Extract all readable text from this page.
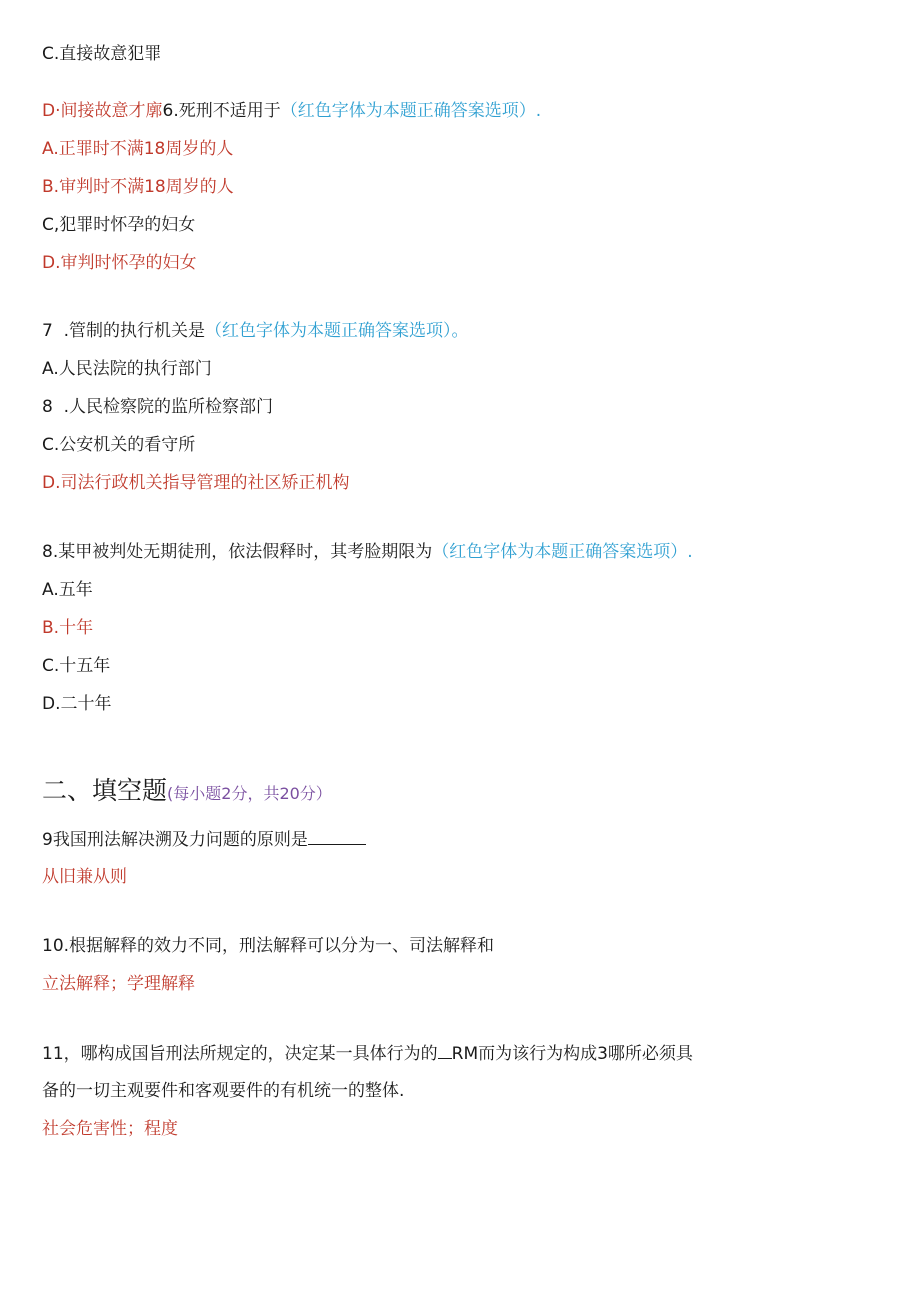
C.直接故意犯罪
D·间接故意才廓6.死刑不适用于（红色字体为本题正确答案选项）.
A.正罪时不满18周岁的人
B.审判时不满18周岁的人
C,犯罪时怀孕的妇女
D.审判时怀孕的妇女
7  .管制的执行机关是（红色字体为本题正确答案选项）。
A.人民法院的执行部门
8  .人民检察院的监所检察部门
C.公安机关的看守所
D.司法行政机关指导管理的社区矫正机构
8.某甲被判处无期徒刑，依法假释时，其考脸期限为（红色字体为本题正确答案选项）.
A.五年
B.十年
C.十五年
D.二十年
二、填空题(每小题2分，共20分）
9我国刑法解决溯及力问题的原则是
从旧兼从则
10.根据解释的效力不同，刑法解释可以分为一、司法解释和
立法解释；学理解释
11，哪构成国旨刑法所规定的，决定某一具体行为的 RM而为该行为构成3哪所必须具
备的一切主观要件和客观要件的有机统一的整体.
社会危害性；程度
